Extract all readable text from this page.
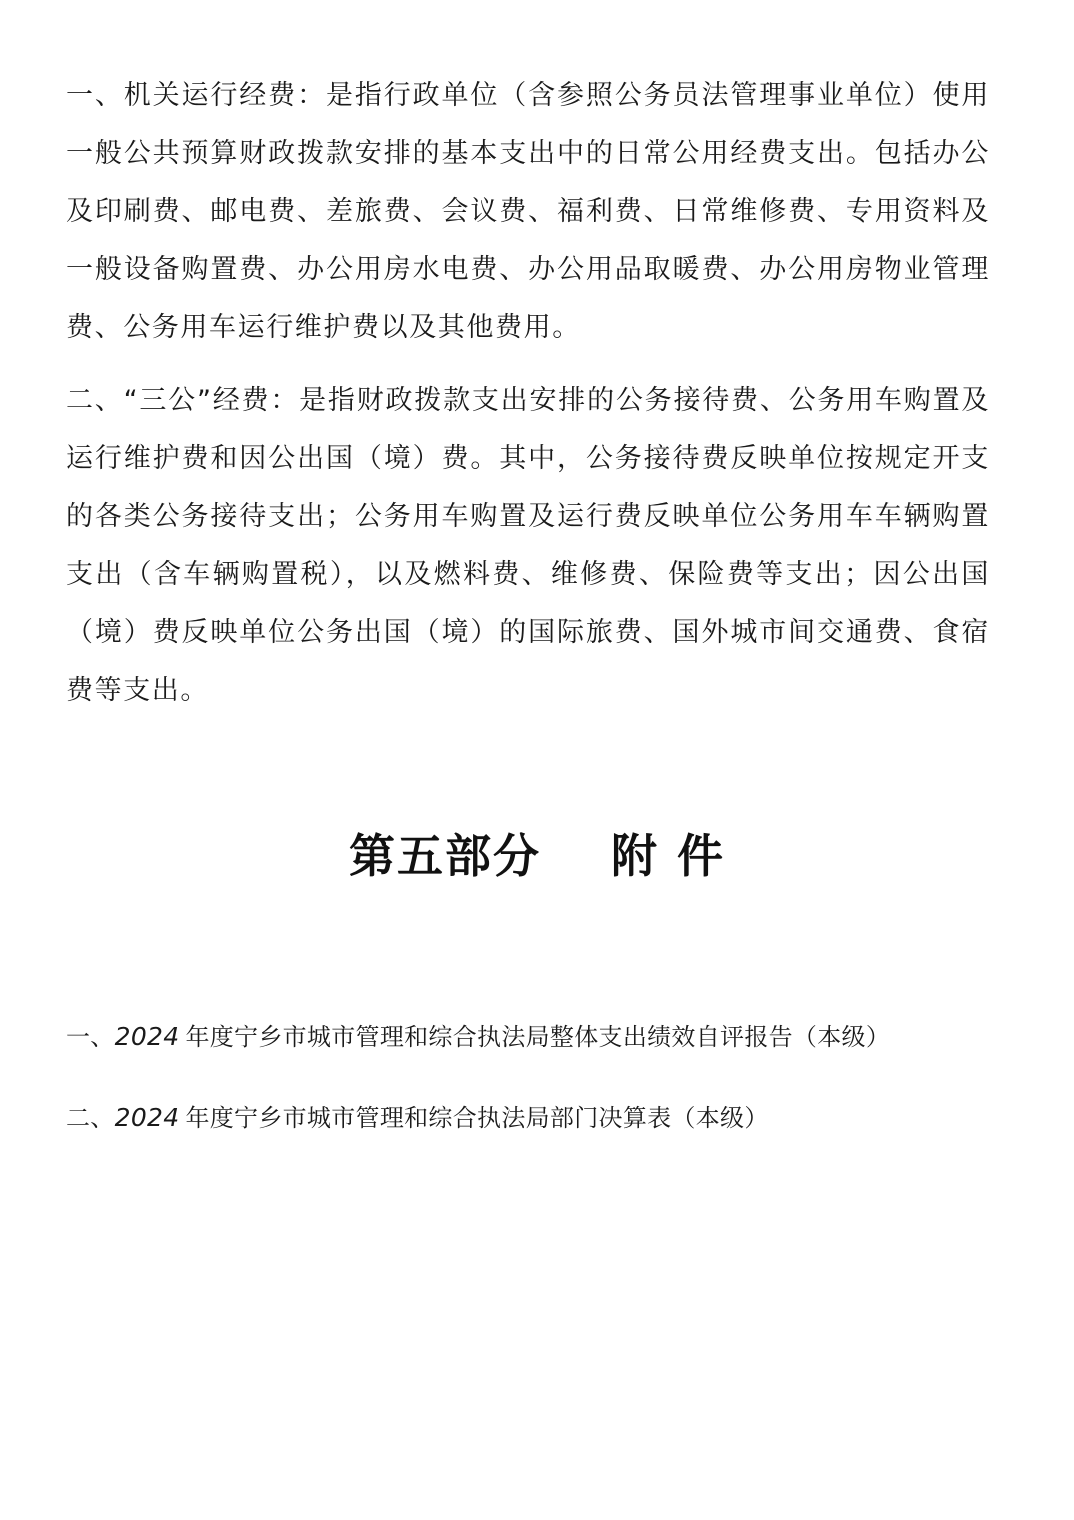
一、机关运行经费：是指行政单位（含参照公务员法管理事业单位）使用一般公共预算财政拨款安排的基本支出中的日常公用经费支出。包括办公及印刷费、邮电费、差旅费、会议费、福利费、日常维修费、专用资料及一般设备购置费、办公用房水电费、办公用品取暖费、办公用房物业管理费、公务用车运行维护费以及其他费用。

二、“三公”经费：是指财政拨款支出安排的公务接待费、公务用车购置及运行维护费和因公出国（境）费。其中，公务接待费反映单位按规定开支的各类公务接待支出；公务用车购置及运行费反映单位公务用车车辆购置支出（含车辆购置税），以及燃料费、维修费、保险费等支出；因公出国（境）费反映单位公务出国（境）的国际旅费、国外城市间交通费、食宿费等支出。

第五部分 附 件

一、2024 年度宁乡市城市管理和综合执法局整体支出绩效自评报告（本级）

二、2024 年度宁乡市城市管理和综合执法局部门决算表（本级）
